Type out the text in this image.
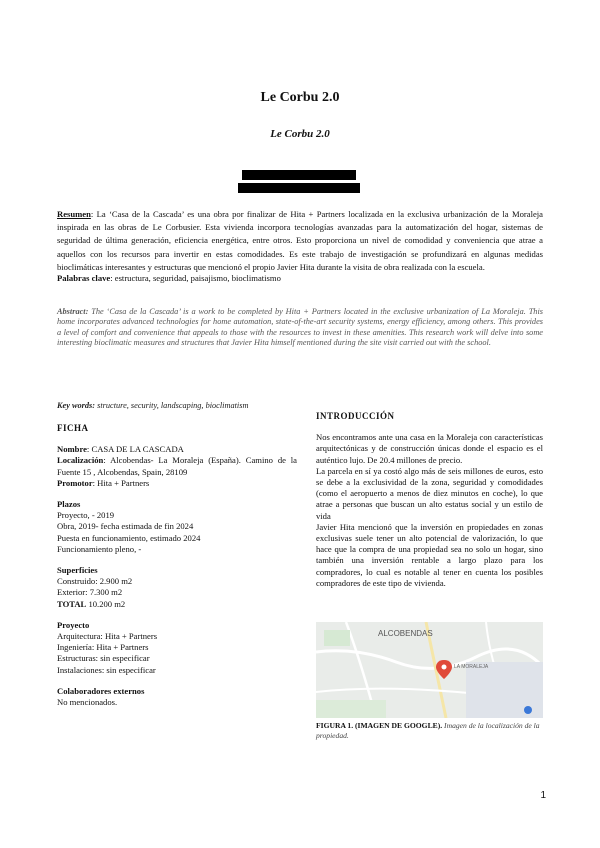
Le Corbu 2.0
Le Corbu 2.0
Resumen: La ‘Casa de la Cascada’ es una obra por finalizar de Hita + Partners localizada en la exclusiva urbanización de la Moraleja inspirada en las obras de Le Corbusier. Esta vivienda incorpora tecnologías avanzadas para la automatización del hogar, sistemas de seguridad de última generación, eficiencia energética, entre otros. Esto proporciona un nivel de comodidad y conveniencia que atrae a aquellos con los recursos para invertir en estas comodidades. Es este trabajo de investigación se profundizará en algunas medidas bioclimáticas interesantes y estructuras que mencionó el propio Javier Hita durante la visita de obra realizada con la escuela.
Palabras clave: estructura, seguridad, paisajismo, bioclimatismo
Abstract: The ‘Casa de la Cascada’ is a work to be completed by Hita + Partners located in the exclusive urbanization of La Moraleja. This home incorporates advanced technologies for home automation, state-of-the-art security systems, energy efficiency, among others. This provides a level of comfort and convenience that appeals to those with the resources to invest in these amenities. This research work will delve into some interesting bioclimatic measures and structures that Javier Hita himself mentioned during the site visit carried out with the school.
Key words: structure, security, landscaping, bioclimatism
FICHA
Nombre: CASA DE LA CASCADA
Localización: Alcobendas- La Moraleja (España). Camino de la Fuente 15 , Alcobendas, Spain, 28109
Promotor: Hita + Partners
Plazos
Proyecto, - 2019
Obra, 2019- fecha estimada de fin 2024
Puesta en funcionamiento, estimado 2024
Funcionamiento pleno, -
Superficies
Construido: 2.900 m2
Exterior: 7.300 m2
TOTAL 10.200 m2
Proyecto
Arquitectura: Hita + Partners
Ingeniería: Hita + Partners
Estructuras: sin especificar
Instalaciones: sin especificar
Colaboradores externos
No mencionados.
INTRODUCCIÓN

Nos encontramos ante una casa en la Moraleja con características arquitectónicas y de construcción únicas donde el espacio es el auténtico lujo. De 20.4 millones de precio.

La parcela en sí ya costó algo más de seis millones de euros, esto se debe a la exclusividad de la zona, seguridad y comodidades (como el aeropuerto a menos de diez minutos en coche), lo que atrae a personas que buscan un alto estatus social y un estilo de vida

Javier Hita mencionó que la inversión en propiedades en zonas exclusivas suele tener un alto potencial de valorización, lo que hace que la compra de una propiedad sea no solo un hogar, sino también una inversión rentable a largo plazo para los compradores, lo cual es notable al tener en cuenta los posibles compradores de este tipo de vivienda.

ALCOBENDAS
LA MORALEJA
FIGURA 1. (IMAGEN DE GOOGLE). Imagen de la localización de la propiedad.
1
